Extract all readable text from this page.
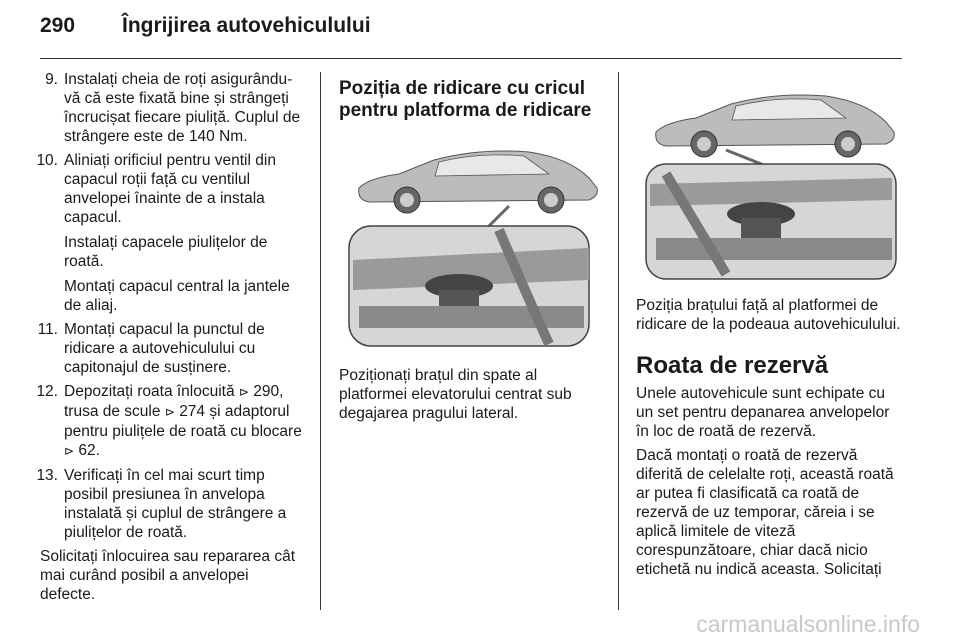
290 Îngrijirea autovehiculului
9. Instalați cheia de roți asigurându-vă că este fixată bine și strângeți încrucișat fiecare piuliță. Cuplul de strângere este de 140 Nm.
10. Aliniați orificiul pentru ventil din capacul roții față cu ventilul anvelopei înainte de a instala capacul.

Instalați capacele piulițelor de roată.

Montați capacul central la jantele de aliaj.

11. Montați capacul la punctul de ridicare a autovehiculului cu capitonajul de susținere.
12. Depozitați roata înlocuită ⊳ 290, trusa de scule ⊳ 274 și adaptorul pentru piulițele de roată cu blocare ⊳ 62.
13. Verificați în cel mai scurt timp posibil presiunea în anvelopa instalată și cuplul de strângere a piulițelor de roată.

Solicitați înlocuirea sau repararea cât mai curând posibil a anvelopei defecte.

Poziția de ridicare cu cricul pentru platforma de ridicare

Poziționați brațul din spate al platformei elevatorului centrat sub degajarea pragului lateral.

Poziția brațului față al platformei de ridicare de la podeaua autovehiculului.

Roata de rezervă

Unele autovehicule sunt echipate cu un set pentru depanarea anvelopelor în loc de roată de rezervă.

Dacă montați o roată de rezervă diferită de celelalte roți, această roată ar putea fi clasificată ca roată de rezervă de uz temporar, căreia i se aplică limitele de viteză corespunzătoare, chiar dacă nicio etichetă nu indică aceasta. Solicitați

carmanualsonline.info
